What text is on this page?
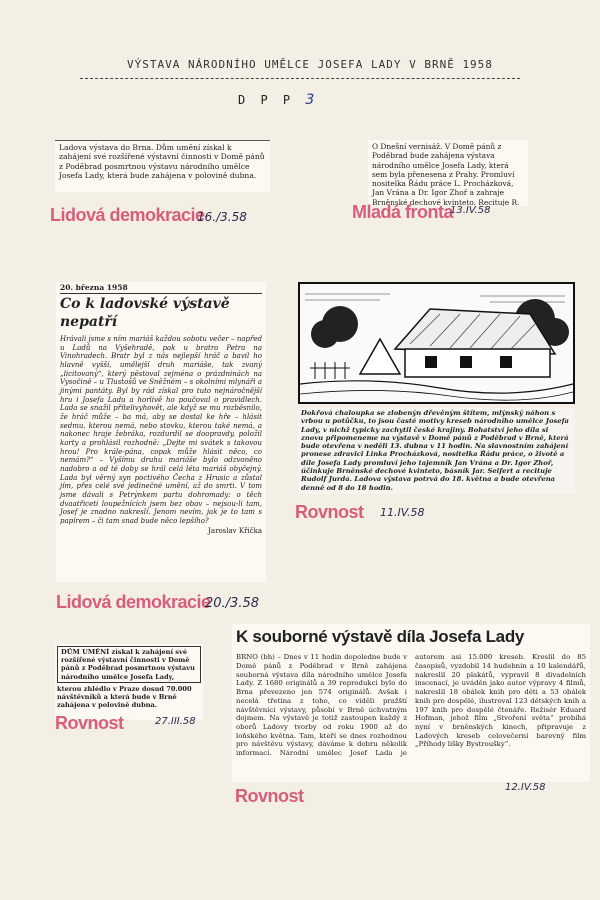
VÝSTAVA NÁRODNÍHO UMĚLCE JOSEFA LADY V BRNĚ 1958
D P P 3

Ladova výstava do Brna. Dům umění získal k zahájení své rozšířené výstavní činnosti v Domě pánů z Poděbrad posmrtnou výstavu národního umělce Josefa Lady, která bude zahájena v polovině dubna.

Lidová demokracie
16./3.58

O Dnešní vernisáž. V Domě pánů z Poděbrad bude zahájena výstava národního umělce Josefa Lady, která sem byla přenesena z Prahy. Promluví nositelka Řádu práce L. Procházková, Jan Vrána a Dr. Igor Zhoř a zahraje Brněnské dechové kvinteto. Recituje R.

Mladá fronta
13.IV.58

20. března 1958

Co k ladovské výstavě nepatří

Hrávali jsme s ním mariáš každou sobotu večer – napřed u Ladů na Vyšehradě, pak u bratra Petra na Vinohradech. Bratr byl z nás nejlepší hráč a bavil ho hlavně vyšší, umělejší druh mariáše, tak zvaný „licitovaný“, který pěstoval zejména o prázdninách na Vysočině – u Tlustošů ve Sněžném – s okolními mlynáři a jinými pantáty. Byl by rád získal pro tuto nejnáročnější hru i Josefa Ladu a horlivě ho poučoval o pravidlech. Lada se snažil přítelivyhovět, ale když se mu rozběsnilo, že hráč může – ba má, aby se dostal ke hře – hlásit sedmu, kterou nemá, nebo stovku, kterou také nemá, a nakonec hraje žebráka, rozdurdil se doopravdy, položil karty a prohlásil rozhodně: „Dejte mi svátek s takovou hrou! Pro krále-pána, copak může hlásit něco, co nemám?“ – Vyšímu druhu mariáše bylo odzvoněno nadobro a od té doby se hrál celá léta mariáš obyčejný. Lada byl věrný syn poctivého Čecha z Hrusic a zůstal jím, přes celé své jedinečné umění, až do smrti. V tom jsme dávali s Petrýnkem partu dohromady: o těch dvaatřiceti loupežnících jsem bez obav – nejsou-li tam, Josef je znadno nakreslí. Jenom nevím, jak je to tam s papírem – či tam snad bude něco lepšího?

Jaroslav Křička

Lidová demokracie
20./3.58

Dokřová chaloupka se zlobenýn dřevěným štítem, mlýnský náhon s vrbou u potůčku, to jsou časté motivy kreseb národního umělce Josefa Lady, v nichž typicky zachytil české krajiny. Bohatství jeho díla si znovu připomeneme na výstavě v Domě pánů z Poděbrad v Brně, která bude otevřena v neděli 13. dubna v 11 hodin. Na slavnostním zahájení pronese zdravici Linka Procházková, nositelka Řádu práce, o životě a díle Josefa Lady promluví jeho tajemník Jan Vrána a Dr. Igor Zhoř, účinkuje Brněnské dechové kvinteto, básník Jar. Seifert a recituje Rudolf Jurda. Ladova výstava potrvá do 18. května a bude otevřena denně od 8 do 18 hodin.

Rovnost 11.IV.58

DŮM UMĚNÍ získal k zahájení své rozšířené výstavní činnosti v Domě pánů z Poděbrad posmrtnou výstavu národního umělce Josefa Lady,

kterou zhlédlo v Praze dosud 70.000 návštěvníků a která bude v Brně zahájena v polovině dubna.

Rovnost	27.III.58
K souborné výstavě díla Josefa Lady

BRNO (bh) – Dnes v 11 hodin dopoledne bude v Domě pánů z Poděbrad v Brně zahájena souborná výstava díla národního umělce Josefa Lady. Z 1680 originálů a 39 reprodukcí bylo do Brna převezeno jen 574 originálů. Avšak i necelá třetina z toho, co viděli pražští návštěvníci výstavy, působí v Brně úchvatným dojmem. Na výstavě je totiž zastoupen každý z oborů Ladovy tvorby od roku 1900 až do loňského května. Tam, kteří se dnes rozhodnou pro návštěvu výstavy, dáváme k dobru několik informací. Národní umělec Josef Lada je autorem asi 15.000 kreseb. Kreslil do 85 časopisů, vyzdobil 14 hudebnin a 10 kalendářů, nakreslil 20 plakátů, vypravil 8 divadelních inscenací, je uváděn jako autor výpravy 4 filmů, nakreslil 18 obálek knih pro děti a 53 obálek knih pro dospělé, ilustroval 123 dětských knih a 197 knih pro dospělé čtenáře. Režisér Eduard Hofman, jehož film „Stvoření světa“ probíhá nyní v brněnských kinech, připravuje z Ladových kreseb celovečerní barevný film „Příhody lišky Bystroušky“.

Rovnost	12.IV.58
